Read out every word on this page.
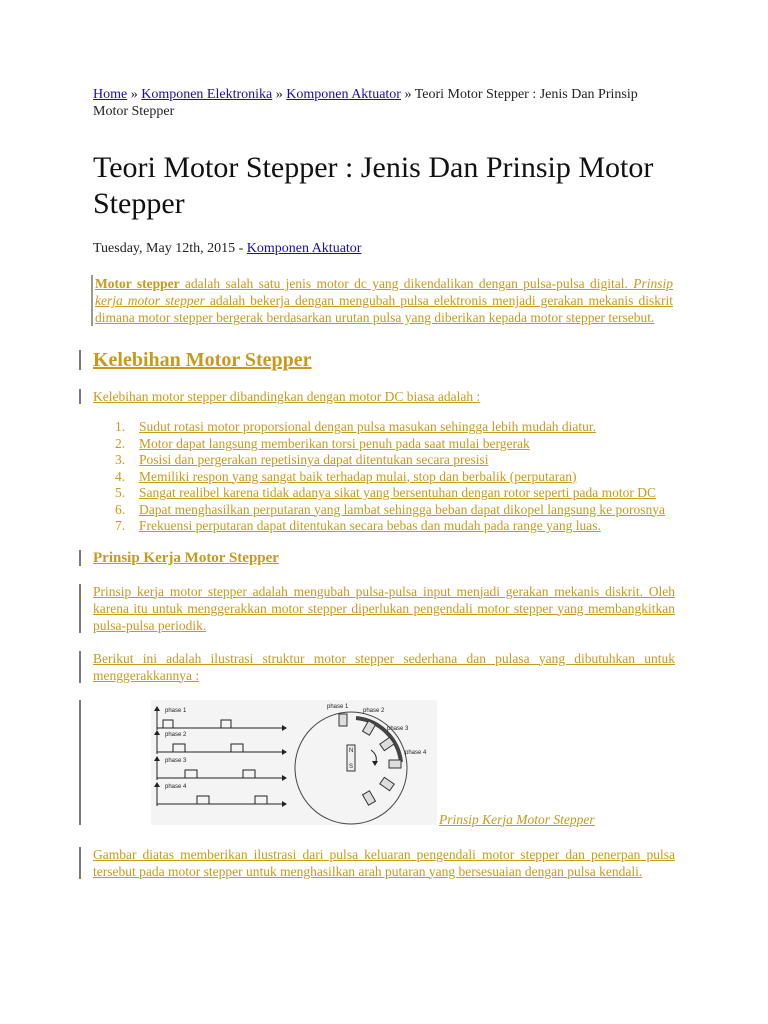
Home » Komponen Elektronika » Komponen Aktuator » Teori Motor Stepper : Jenis Dan Prinsip Motor Stepper

Teori Motor Stepper : Jenis Dan Prinsip Motor Stepper
Tuesday, May 12th, 2015 - Komponen Aktuator
Motor stepper adalah salah satu jenis motor dc yang dikendalikan dengan pulsa-pulsa digital. Prinsip kerja motor stepper adalah bekerja dengan mengubah pulsa elektronis menjadi gerakan mekanis diskrit dimana motor stepper bergerak berdasarkan urutan pulsa yang diberikan kepada motor stepper tersebut.
Kelebihan Motor Stepper

Kelebihan motor stepper dibandingkan dengan motor DC biasa adalah :

1. Sudut rotasi motor proporsional dengan pulsa masukan sehingga lebih mudah diatur.
2. Motor dapat langsung memberikan torsi penuh pada saat mulai bergerak
3. Posisi dan pergerakan repetisinya dapat ditentukan secara presisi
4. Memiliki respon yang sangat baik terhadap mulai, stop dan berbalik (perputaran)
5. Sangat realibel karena tidak adanya sikat yang bersentuhan dengan rotor seperti pada motor DC
6. Dapat menghasilkan perputaran yang lambat sehingga beban dapat dikopel langsung ke porosnya
7. Frekuensi perputaran dapat ditentukan secara bebas dan mudah pada range yang luas.
Prinsip Kerja Motor Stepper

Prinsip kerja motor stepper adalah mengubah pulsa-pulsa input menjadi gerakan mekanis diskrit. Oleh karena itu untuk menggerakkan motor stepper diperlukan pengendali motor stepper yang membangkitkan pulsa-pulsa periodik.

Berikut ini adalah ilustrasi struktur motor stepper sederhana dan pulasa yang dibutuhkan untuk menggerakkannya :

phase 1
phase 2
phase 3
phase 4
phase 1
phase 2
phase 3
phase 4
N
S
Prinsip Kerja Motor Stepper

Gambar diatas memberikan ilustrasi dari pulsa keluaran pengendali motor stepper dan penerpan pulsa tersebut pada motor stepper untuk menghasilkan arah putaran yang bersesuaian dengan pulsa kendali.
